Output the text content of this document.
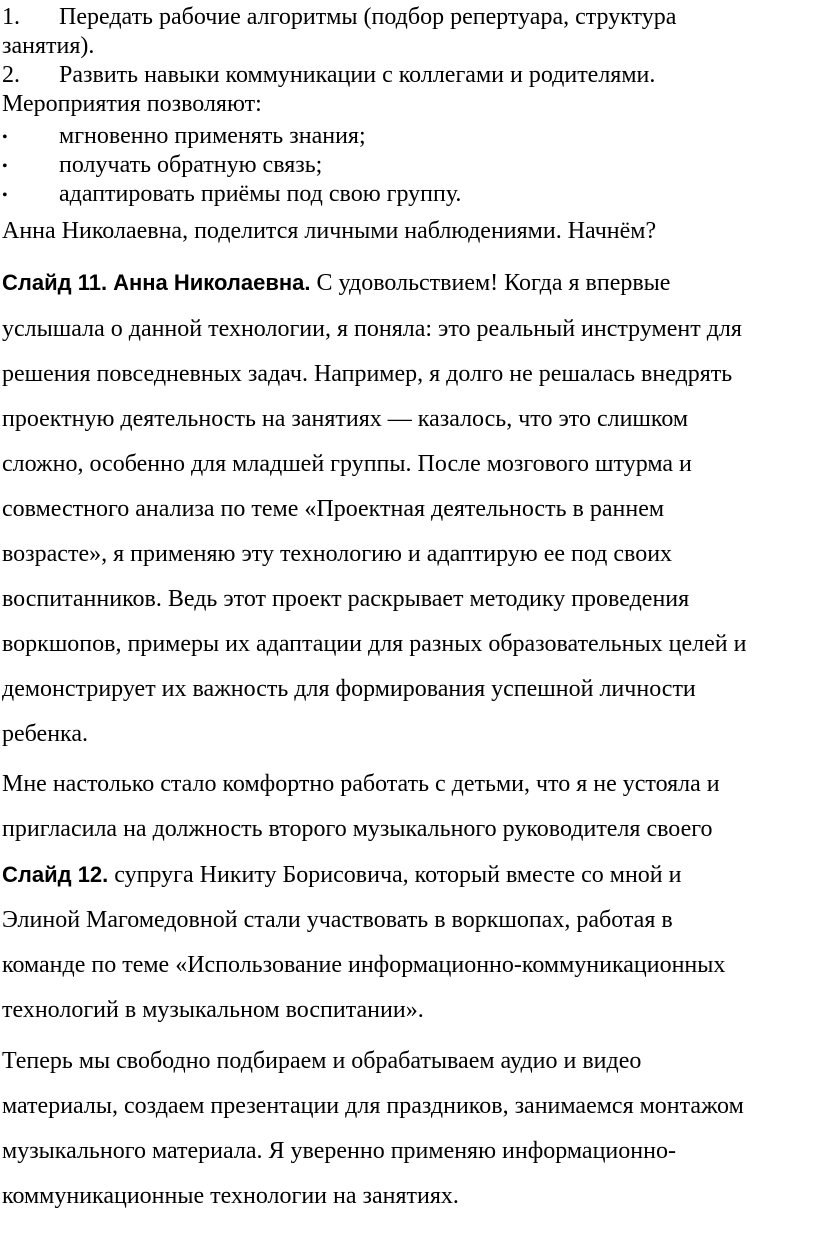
1. Передать рабочие алгоритмы (подбор репертуара, структура
занятия).
2. Развить навыки коммуникации с коллегами и родителями.
Мероприятия позволяют:
• мгновенно применять знания;
• получать обратную связь;
• адаптировать приёмы под свою группу.
Анна Николаевна, поделится личными наблюдениями. Начнём?
Слайд 11. Анна Николаевна. С удовольствием! Когда я впервые
услышала о данной технологии, я поняла: это реальный инструмент для
решения повседневных задач. Например, я долго не решалась внедрять
проектную деятельность на занятиях — казалось, что это слишком
сложно, особенно для младшей группы. После мозгового штурма и
совместного анализа по теме «Проектная деятельность в раннем
возрасте», я применяю эту технологию и адаптирую ее под своих
воспитанников. Ведь этот проект раскрывает методику проведения
воркшопов, примеры их адаптации для разных образовательных целей и
демонстрирует их важность для формирования успешной личности
ребенка.
Мне настолько стало комфортно работать с детьми, что я не устояла и
пригласила на должность второго музыкального руководителя своего
Слайд 12. супруга Никиту Борисовича, который вместе со мной и
Элиной Магомедовной стали участвовать в воркшопах, работая в
команде по теме «Использование информационно-коммуникационных
технологий в музыкальном воспитании».
Теперь мы свободно подбираем и обрабатываем аудио и видео
материалы, создаем презентации для праздников, занимаемся монтажом
музыкального материала. Я уверенно применяю информационно-
коммуникационные технологии на занятиях.
